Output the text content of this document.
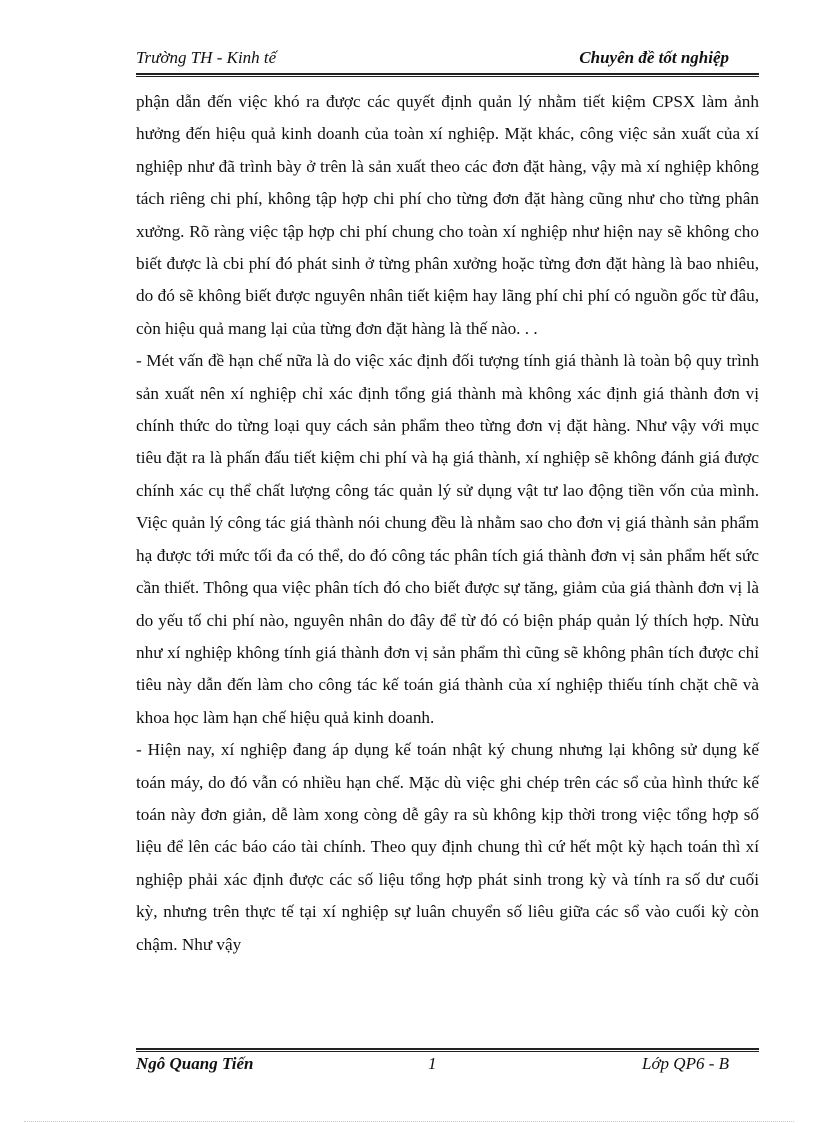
Trường TH - Kinh tế	Chuyên đề tốt nghiệp

phận dẫn đến việc khó ra được các quyết định quản lý nhằm tiết kiệm CPSX làm ảnh hưởng đến hiệu quả kinh doanh của toàn xí nghiệp. Mặt khác, công việc sản xuất của xí nghiệp như đã trình bày ở trên là sản xuất theo các đơn đặt hàng, vậy mà xí nghiệp không tách riêng chi phí, không tập hợp chi phí cho từng đơn đặt hàng cũng như cho từng phân xưởng. Rõ ràng việc tập hợp chi phí chung cho toàn xí nghiệp như hiện nay sẽ không cho biết được là cbi phí đó phát sinh ở từng phân xưởng hoặc từng đơn đặt hàng là bao nhiêu, do đó sẽ không biết được nguyên nhân tiết kiệm hay lãng phí chi phí có nguồn gốc từ đâu, còn hiệu quả mang lại của từng đơn đặt hàng là thế nào. . .

- Mét vấn đề hạn chế nữa là do việc xác định đối tượng tính giá thành là toàn bộ quy trình sản xuất nên xí nghiệp chỉ xác định tổng giá thành mà không xác định giá thành đơn vị chính thức do từng loại quy cách sản phẩm theo từng đơn vị đặt hàng. Như vậy với mục tiêu đặt ra là phấn đấu tiết kiệm chi phí và hạ giá thành, xí nghiệp sẽ không đánh giá được chính xác cụ thể chất lượng công tác quản lý sử dụng vật tư lao động tiền vốn của mình. Việc quản lý công tác giá thành nói chung đều là nhằm sao cho đơn vị giá thành sản phẩm hạ được tới mức tối đa có thể, do đó công tác phân tích giá thành đơn vị sản phẩm hết sức cần thiết. Thông qua việc phân tích đó cho biết được sự tăng, giảm của giá thành đơn vị là do yếu tố chi phí nào, nguyên nhân do đây để từ đó có biện pháp quản lý thích hợp. Nừu như xí nghiệp không tính giá thành đơn vị sản phẩm thì cũng sẽ không phân tích được chỉ tiêu này dẫn đến làm cho công tác kế toán giá thành của xí nghiệp thiếu tính chặt chẽ và khoa học làm hạn chế hiệu quả kinh doanh.

- Hiện nay, xí nghiệp đang áp dụng kế toán nhật ký chung nhưng lại không sử dụng kế toán máy, do đó vẫn có nhiều hạn chế. Mặc dù việc ghi chép trên các sổ của hình thức kế toán này đơn giản, dễ làm xong còng dễ gây ra sù không kịp thời trong việc tổng hợp số liệu để lên các báo cáo tài chính. Theo quy định chung thì cứ hết một kỳ hạch toán thì xí nghiệp phải xác định được các số liệu tổng hợp phát sinh trong kỳ và tính ra số dư cuối kỳ, nhưng trên thực tế tại xí nghiệp sự luân chuyển số liêu giữa các sổ vào cuối kỳ còn chậm. Như vậy

Ngô Quang Tiến	1	Lớp QP6 - B
